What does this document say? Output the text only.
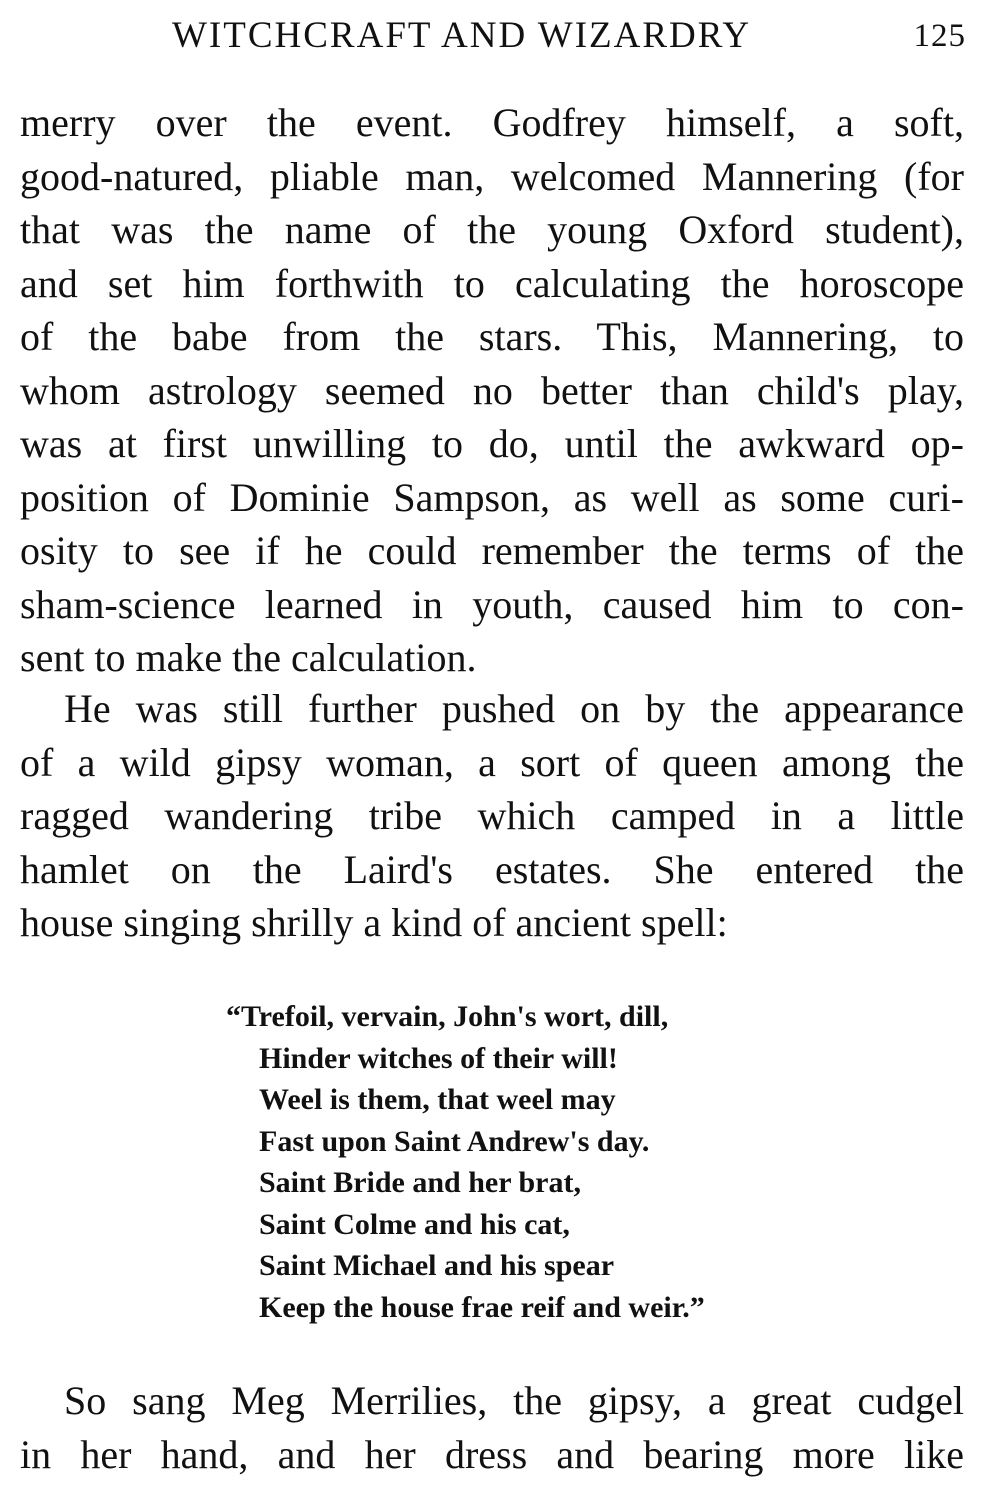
WITCHCRAFT AND WIZARDRY	125
merry over the event. Godfrey himself, a soft,
good-natured, pliable man, welcomed Mannering (for
that was the name of the young Oxford student),
and set him forthwith to calculating the horoscope
of the babe from the stars. This, Mannering, to
whom astrology seemed no better than child's play,
was at first unwilling to do, until the awkward op-
position of Dominie Sampson, as well as some curi-
osity to see if he could remember the terms of the
sham-science learned in youth, caused him to con-
sent to make the calculation.
He was still further pushed on by the appearance
of a wild gipsy woman, a sort of queen among the
ragged wandering tribe which camped in a little
hamlet on the Laird's estates. She entered the
house singing shrilly a kind of ancient spell:
“Trefoil, vervain, John's wort, dill,
Hinder witches of their will!
Weel is them, that weel may
Fast upon Saint Andrew's day.
Saint Bride and her brat,
Saint Colme and his cat,
Saint Michael and his spear
Keep the house frae reif and weir.”
So sang Meg Merrilies, the gipsy, a great cudgel
in her hand, and her dress and bearing more like
